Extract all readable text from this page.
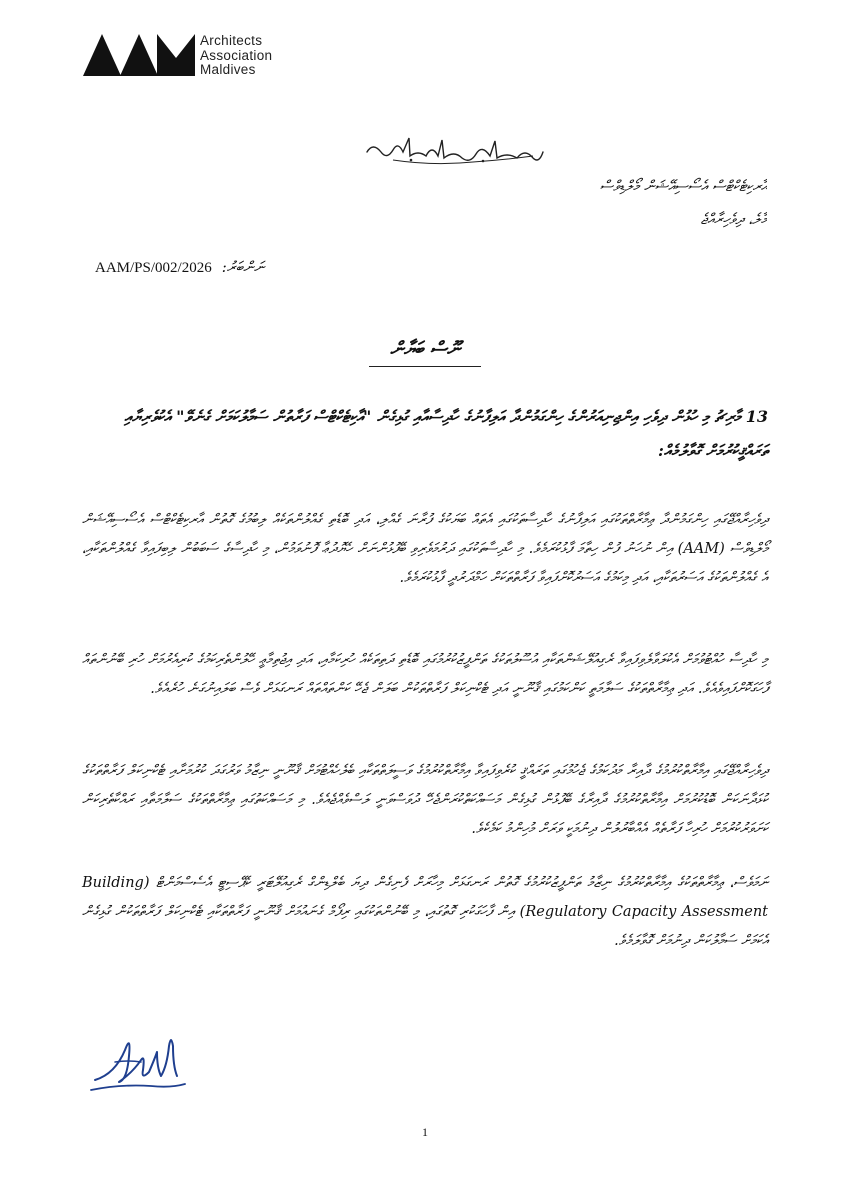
Architects
Association
Maldives
އާރކިޓެކްޓްސް އެސޯސިއޭޝަން މޯލްޑިވްސް
މާލެ، ދިވެހިރާއްޖެ
AAM/PS/002/2026 ނަންބަރު:
ނޫސް ބަޔާން
13 މާރިޗު މި ހުޅުން ދިވެހި އިންޖިނިއަރުންގެ ހިންގަމުންދާ އަލިފާނުގެ ހާދިސާއާއި ގުޅިގެން "އާކިޓެކްޓްސް ފަރާތުން ސަމާލުކަމަށް ގެނެވޭ" އެކުވެރިޔާއި ތަރައްޤީކުރުމަށް ގޮވާލުމެއް:
ދިވެހިރާއްޖޭގައި ހިންގަމުންދާ ޢިމާރާތްތަކުގައި އަލިފާނުގެ ހާދިސާތަކުގައި އެތައް ބަޔަކުގެ ފުރާނަ ގެއްލި، އަދި ބޮޑެތި ގެއްލުންތަކެއް ލިބުމުގެ ގޮތުން އާރކިޓެކްޓްސް އެސޯސިއޭޝަން މޯލްޑިވްސް (AAM) އިން ނުހަނު ފުން ހިތާމަ ފާޅުކުރަމެވެ. މި ހާދިސާތަކުގައި ދަރުމަވެރިވި ބޭފުޅުންނަށް ހެޔޮދުޢާ ފޮނުވަމުން، މި ހާދިސާގެ ސަބަބުން ލިބިފައިވާ ގެއްލުންތަކާއި، އެ ގެއްލުންތަކުގެ އަސަރުތަކާއި، އަދި މިކަމުގެ އަސަރުކޮށްފައިވާ ފަރާތްތަކަށް ހަމްދަރުދީ ފާޅުކުރަމެވެ.
މި ހާދިސާ ހުއްޓުވުމަށް އެކުލަވާލެވިފައިވާ ރެގިއުލޭޝަންތަކާއި އުސޫލުތަކުގެ ތަންފީޒުކުރުމުގައި ބޮޑެތި ދަތިތަކެއް ހުރިކަމާއި، އަދި އިޖުތިމާޢީ ހޭލުންތެރިކަމުގެ ކުރިއެރުމަށް ހުރި ބޭނުންތައް ފާހަގަކޮށްފައިވެއެވެ. އަދި ޢިމާރާތްތަކުގެ ސަލާމަތީ ކަންކަމުގައި ޤާނޫނީ އަދި ޓެކްނިކަލް ފަރާތްތަކުން ބަލަން ޖެހޭ ކަންތައްތައް ރަނގަޅަށް ވެސް ބަލައިނުގަނެ ހުރެއެވެ.
ދިވެހިރާއްޖޭގައި އިމާރާތްކުރުމުގެ ދާއިރާ މަދުކަމުގެ ޖެހުމުގައި ތަރައްޤީ ކުރެވިފައިވާ އިމާރާތްކުރުމުގެ ވަސީލަތްތަކާއި ބެލެހެއްޓުމަށް ޤާނޫނީ ނިޒާމު ވަރުގަދަ ކުރުމަށާއި ޓެކްނިކަލް ފަރާތްތަކުގެ ކުޅަދާނަކަން ބޮޑުކުރުމަށް އިމާރާތްކުރުމުގެ ދާއިރާގެ ބޭފުޅުން ގުޅިގެން މަސައްކަތްކުރަންޖެހޭ ދުވަސްވަނީ ލަސްވެއްޖެއެވެ. މި މަސައްކަތުގައި ޢިމާރާތްތަކުގެ ސަލާމަތާއި ރައްކާތެރިކަން ކަށަވަރުކުރުމަށް ހުރިހާ ފަރާތެއް އެއްބާރުލުން ދިނުމަކީ ވަރަށް މުހިންމު ކަމެކެވެ.
ނަމަވެސް، ޢިމާރާތްތަކުގެ އިމާރާތްކުރުމުގެ ނިޒާމު ތަންފީޒުކުރުމުގެ ގޮތުން ރަނގަޅަށް މިހާރަށް ފެނިގެން ދިޔަ ބެލްޑިންގް ރެގިއުލޭޓަރީ ކެޕޭސިޓީ އެސެސްމަންޓް (Building Regulatory Capacity Assessment) އިން ފާހަގަކުރި ގޮތުގައި، މި ބޭނުންތަކުގައި ރިފޯމް ގެނައުމަށް ޤާނޫނީ ފަރާތްތަކާއި ޓެކްނިކަލް ފަރާތްތަކުން ގުޅިގެން އެކަމަށް ސަމާލުކަން ދިނުމަށް ގޮވާލަމެވެ.
1
